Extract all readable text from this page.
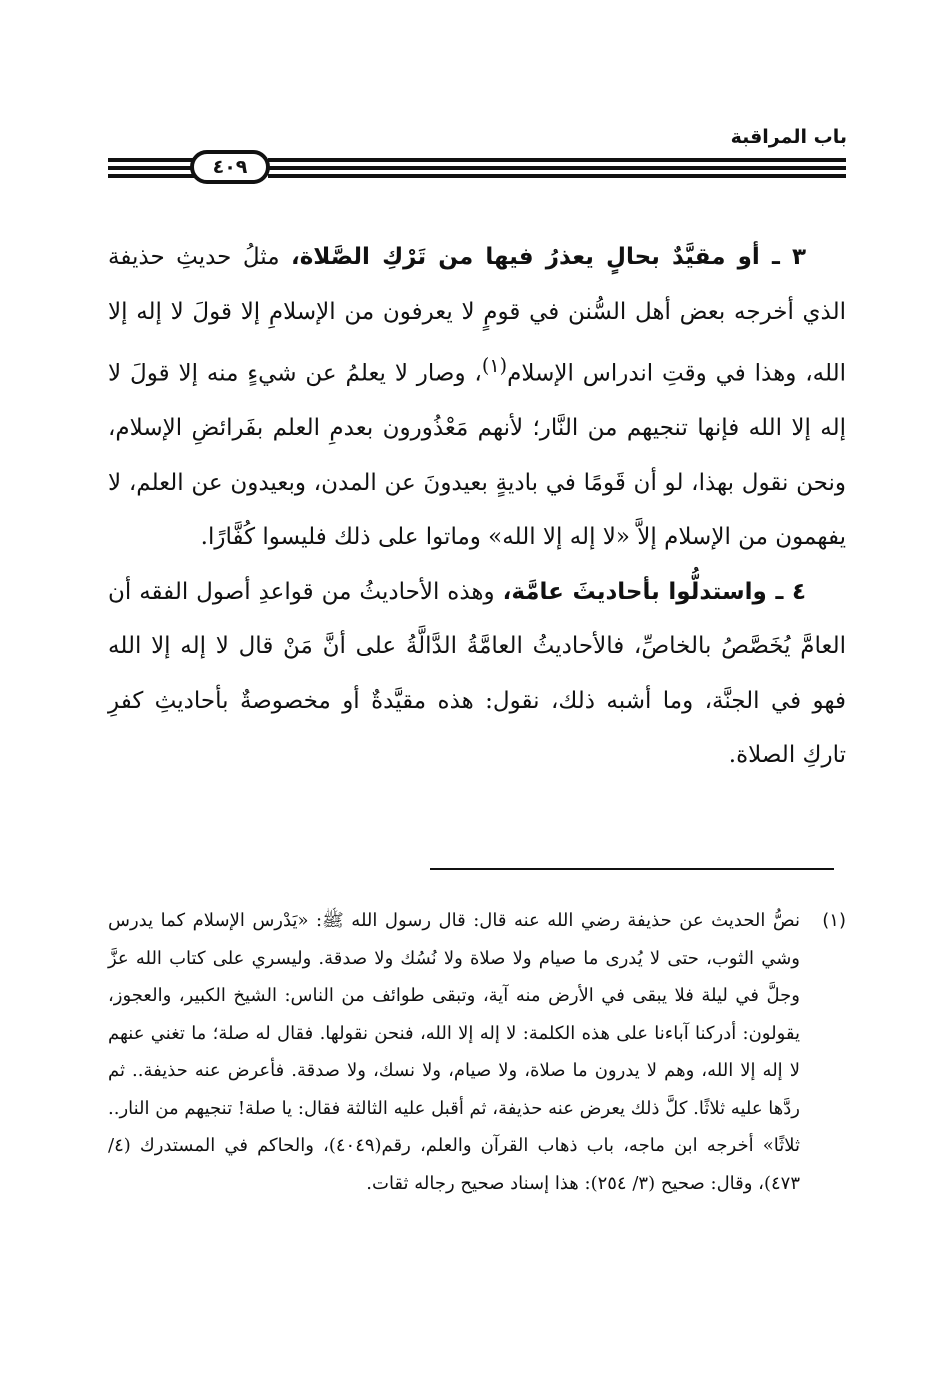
باب المراقبة
٤٠٩

٣ ـ أو مقيَّدٌ بحالٍ يعذرُ فيها من تَرْكِ الصَّلاة، مثلُ حديثِ حذيفة الذي أخرجه بعض أهل السُّنن في قومٍ لا يعرفون من الإسلامِ إلا قولَ لا إله إلا الله، وهذا في وقتِ اندراس الإسلام$^{(١)}$، وصار لا يعلمُ عن شيءٍ منه إلا قولَ لا إله إلا الله فإنها تنجيهم من النَّار؛ لأنهم مَعْذُورون بعدمِ العلم بفَرائضِ الإسلام، ونحن نقول بهذا، لو أن قَومًا في باديةٍ بعيدونَ عن المدن، وبعيدون عن العلم، لا يفهمون من الإسلام إلاَّ «لا إله إلا الله» وماتوا على ذلك فليسوا كُفَّارًا.

٤ ـ واستدلُّوا بأحاديثَ عامَّة، وهذه الأحاديثُ من قواعدِ أصول الفقه أن العامَّ يُخَصَّصُ بالخاصِّ، فالأحاديثُ العامَّةُ الدَّالَّةُ على أنَّ مَنْ قال لا إله إلا الله فهو في الجنَّة، وما أشبه ذلك، نقول: هذه مقيَّدةٌ أو مخصوصةٌ بأحاديثِ كفرِ تاركِ الصلاة.

(١)
نصُّ الحديث عن حذيفة رضي الله عنه قال: قال رسول الله ﷺ: «يَدْرس الإسلام كما يدرس وشي الثوب، حتى لا يُدرى ما صيام ولا صلاة ولا نُسُك ولا صدقة. وليسري على كتاب الله عزَّ وجلَّ في ليلة فلا يبقى في الأرض منه آية، وتبقى طوائف من الناس: الشيخ الكبير، والعجوز، يقولون: أدركنا آباءنا على هذه الكلمة: لا إله إلا الله، فنحن نقولها. فقال له صلة؛ ما تغني عنهم لا إله إلا الله، وهم لا يدرون ما صلاة، ولا صيام، ولا نسك، ولا صدقة. فأعرض عنه حذيفة.. ثم ردَّها عليه ثلاثًا. كلَّ ذلك يعرض عنه حذيفة، ثم أقبل عليه الثالثة فقال: يا صلة! تنجيهم من النار.. ثلاثًا» أخرجه ابن ماجه، باب ذهاب القرآن والعلم، رقم(٤٠٤٩)، والحاكم في المستدرك (٤/ ٤٧٣)، وقال: صحيح (٣/ ٢٥٤): هذا إسناد صحيح رجاله ثقات.
